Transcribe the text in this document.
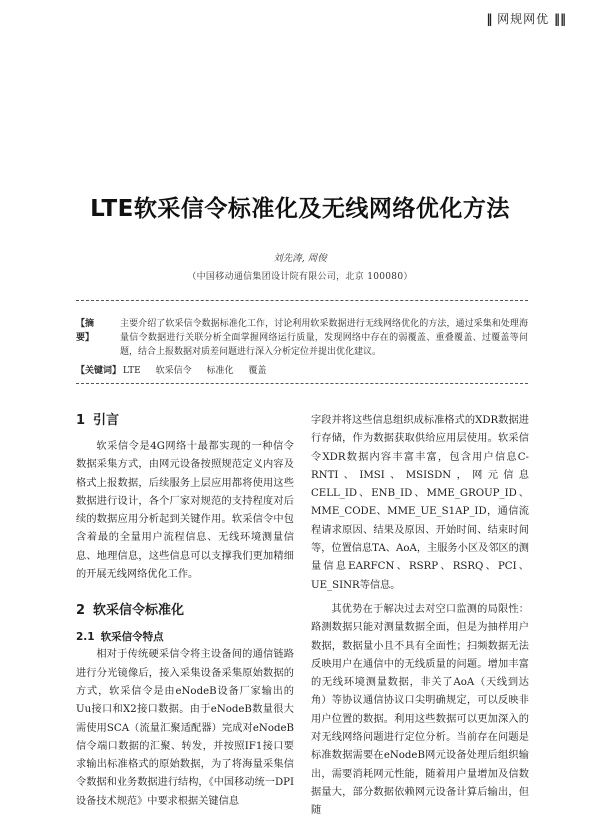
‖ 网规网优 ‖‖
LTE软采信令标准化及无线网络优化方法
刘先涛, 周俊
（中国移动通信集团设计院有限公司，北京 100080）
【摘　要】
主要介绍了软采信令数据标准化工作，讨论利用软采数据进行无线网络优化的方法，通过采集和处理海量信令数据进行关联分析全面掌握网络运行质量，发现网络中存在的弱覆盖、重叠覆盖、过覆盖等问题，结合上报数据对质差问题进行深入分析定位并提出优化建议。
【关键词】 LTE 软采信令 标准化 覆盖
1 引言

软采信令是4G网络十最都实现的一种信令数据采集方式，由网元设备按照规范定义内容及格式上报数据，后续服务上层应用都将使用这些数据进行设计，各个厂家对规范的支持程度对后续的数据应用分析起到关键作用。软采信令中包含着最的全量用户流程信息、无线环境测量信息、地理信息，这些信息可以支撑我们更加精细的开展无线网络优化工作。

2 软采信令标准化
2.1 软采信令特点

相对于传统硬采信令将主设备间的通信链路进行分光镜像后，接入采集设备采集原始数据的方式，软采信令是由eNodeB设备厂家输出的Uu接口和X2接口数据。由于eNodeB数量很大需使用SCA（流量汇聚适配器）完成对eNodeB信令端口数据的汇聚、转发，并按照IF1接口要求输出标准格式的原始数据，为了将海量采集信令数据和业务数据进行结构，《中国移动统一DPI设备技术规范》中要求根据关键信息

字段并将这些信息组织成标准格式的XDR数据进行存储，作为数据获取供给应用层使用。软采信令XDR数据内容丰富丰富，包含用户信息C-RNTI、IMSI、MSISDN，网元信息CELL_ID、ENB_ID、MME_GROUP_ID、MME_CODE、MME_UE_S1AP_ID，通信流程请求原因、结果及原因、开始时间、结束时间等，位置信息TA、AoA，主服务小区及邻区的测量信息EARFCN、RSRP、RSRQ、PCI、UE_SINR等信息。

其优势在于解决过去对空口监测的局限性：路测数据只能对测量数据全面，但是为抽样用户数据，数据量小且不具有全面性；扫频数据无法反映用户在通信中的无线质量的问题。增加丰富的无线环境测量数据，非关了AoA（天线到达角）等协议通信协议口尖明确规定，可以反映非用户位置的数据。利用这些数据可以更加深入的对无线网络问题进行定位分析。当前存在问题是标准数据需要在eNodeB网元设备处理后组织输出，需要消耗网元性能，随着用户量增加及信数据量大，部分数据依赖网元设备计算后输出，但随
